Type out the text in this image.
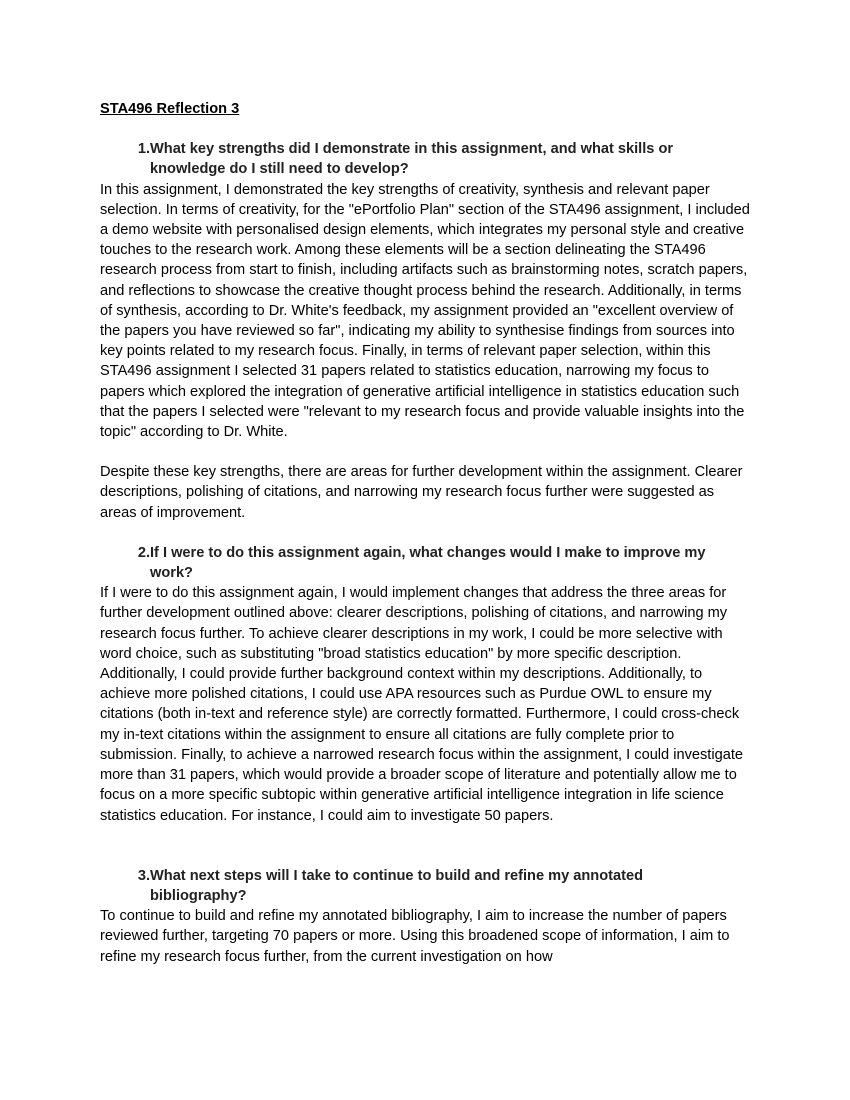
STA496 Reflection 3
1. What key strengths did I demonstrate in this assignment, and what skills or knowledge do I still need to develop?

In this assignment, I demonstrated the key strengths of creativity, synthesis and relevant paper selection. In terms of creativity, for the "ePortfolio Plan" section of the STA496 assignment, I included a demo website with personalised design elements, which integrates my personal style and creative touches to the research work. Among these elements will be a section delineating the STA496 research process from start to finish, including artifacts such as brainstorming notes, scratch papers, and reflections to showcase the creative thought process behind the research. Additionally, in terms of synthesis, according to Dr. White's feedback, my assignment provided an "excellent overview of the papers you have reviewed so far", indicating my ability to synthesise findings from sources into key points related to my research focus. Finally, in terms of relevant paper selection, within this STA496 assignment I selected 31 papers related to statistics education, narrowing my focus to papers which explored the integration of generative artificial intelligence in statistics education such that the papers I selected were "relevant to my research focus and provide valuable insights into the topic" according to Dr. White.

Despite these key strengths, there are areas for further development within the assignment. Clearer descriptions, polishing of citations, and narrowing my research focus further were suggested as areas of improvement.

2. If I were to do this assignment again, what changes would I make to improve my work?

If I were to do this assignment again, I would implement changes that address the three areas for further development outlined above: clearer descriptions, polishing of citations, and narrowing my research focus further. To achieve clearer descriptions in my work, I could be more selective with word choice, such as substituting "broad statistics education" by more specific description. Additionally, I could provide further background context within my descriptions. Additionally, to achieve more polished citations, I could use APA resources such as Purdue OWL to ensure my citations (both in-text and reference style) are correctly formatted. Furthermore, I could cross-check my in-text citations within the assignment to ensure all citations are fully complete prior to submission. Finally, to achieve a narrowed research focus within the assignment, I could investigate more than 31 papers, which would provide a broader scope of literature and potentially allow me to focus on a more specific subtopic within generative artificial intelligence integration in life science statistics education. For instance, I could aim to investigate 50 papers.

3. What next steps will I take to continue to build and refine my annotated bibliography?

To continue to build and refine my annotated bibliography, I aim to increase the number of papers reviewed further, targeting 70 papers or more. Using this broadened scope of information, I aim to refine my research focus further, from the current investigation on how
